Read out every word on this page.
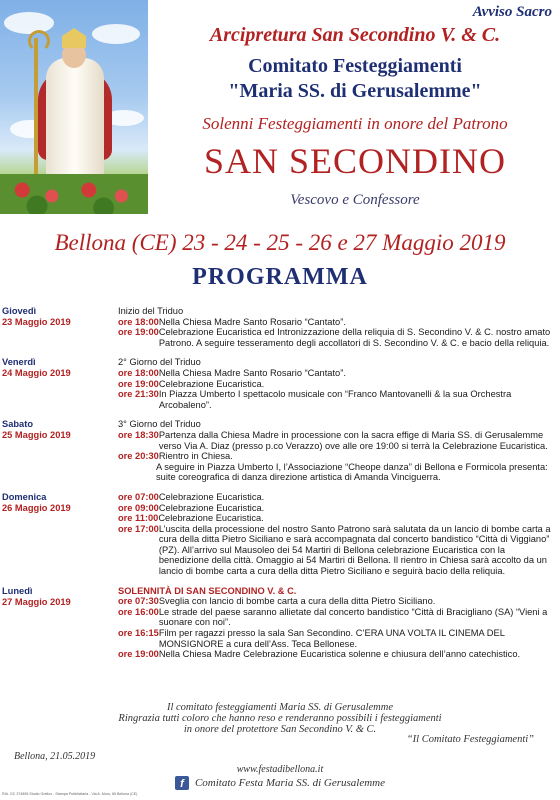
Avviso Sacro
Arcipretura San Secondino V. & C.
Comitato Festeggiamenti
"Maria SS. di Gerusalemme"
Solenni Festeggiamenti in onore del Patrono
SAN SECONDINO
Vescovo e Confessore
Bellona (CE) 23 - 24 - 25 - 26 e 27 Maggio 2019
PROGRAMMA
Giovedì
23 Maggio 2019
Inizio del Triduo
ore 18:00 Nella Chiesa Madre Santo Rosario “Cantato”.
ore 19:00 Celebrazione Eucaristica ed Intronizzazione della reliquia di S. Secondino V. & C. nostro amato Patrono. A seguire tesseramento degli accollatori di S. Secondino V. & C. e bacio della reliquia.
Venerdì
24 Maggio 2019
2° Giorno del Triduo
ore 18:00 Nella Chiesa Madre Santo Rosario “Cantato”.
ore 19:00 Celebrazione Eucaristica.
ore 21:30 In Piazza Umberto I spettacolo musicale con “Franco Mantovanelli & la sua Orchestra Arcobaleno”.
Sabato
25 Maggio 2019
3° Giorno del Triduo
ore 18:30 Partenza dalla Chiesa Madre in processione con la sacra effige di Maria SS. di Gerusalemme verso Via A. Diaz (presso p.co Verazzo) ove alle ore 19:00 si terrà la Celebrazione Eucaristica.
ore 20:30 Rientro in Chiesa.
A seguire in Piazza Umberto I, l’Associazione “Cheope danza” di Bellona e Formicola presenta: suite coreografica di danza direzione artistica di Amanda Vinciguerra.
Domenica
26 Maggio 2019
ore 07:00 Celebrazione Eucaristica.
ore 09:00 Celebrazione Eucaristica.
ore 11:00 Celebrazione Eucaristica.
ore 17:00 L’uscita della processione del nostro Santo Patrono sarà salutata da un lancio di bombe carta a cura della ditta Pietro Siciliano e sarà accompagnata dal concerto bandistico “Città di Viggiano” (PZ). All’arrivo sul Mausoleo dei 54 Martiri di Bellona celebrazione Eucaristica con la benedizione della città. Omaggio ai 54 Martiri di Bellona. Il rientro in Chiesa sarà accolto da un lancio di bombe carta a cura della ditta Pietro Siciliano e seguirà bacio della reliquia.
Lunedì
27 Maggio 2019
SOLENNITÀ DI SAN SECONDINO V. & C.
ore 07:30 Sveglia con lancio di bombe carta a cura della ditta Pietro Siciliano.
ore 16:00 Le strade del paese saranno allietate dal concerto bandistico “Città di Bracigliano (SA) “Vieni a suonare con noi”.
ore 16:15 Film per ragazzi presso la sala San Secondino. C’ERA UNA VOLTA IL CINEMA DEL MONSIGNORE a cura dell’Ass. Teca Bellonese.
ore 19:00 Nella Chiesa Madre Celebrazione Eucaristica solenne e chiusura dell’anno catechistico.
Il comitato festeggiamenti Maria SS. di Gerusalemme
Ringrazia tutti coloro che hanno reso e renderanno possibili i festeggiamenti
in onore del protettore San Secondino V. & C.
“Il Comitato Festeggiamenti”
Bellona, 21.05.2019
www.festadibellona.it
f	Comitato Festa Maria SS. di Gerusalemme
RIA. GC 374895 Studio Grafico - Stampa Pubblicitaria - Via A. Moro, 65 Bellona (CE)
